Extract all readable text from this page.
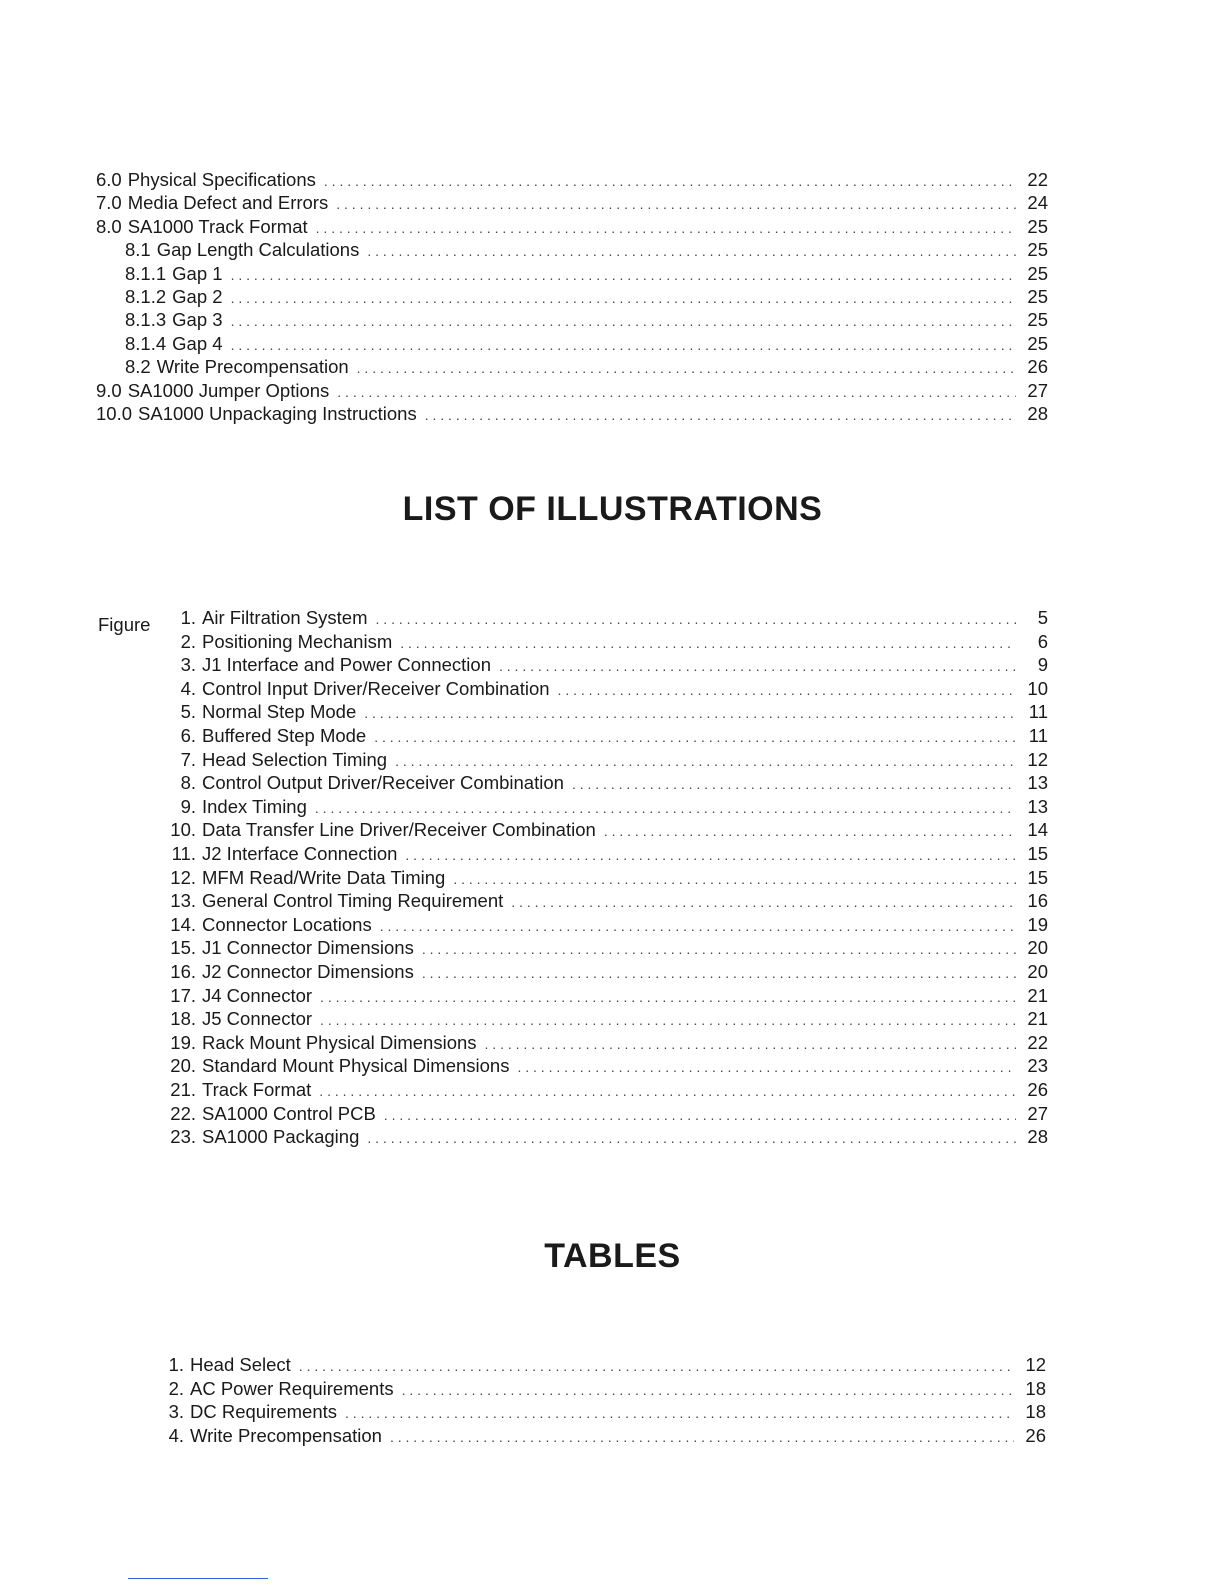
6.0 Physical Specifications . . .	22
7.0 Media Defect and Errors . . .	24
8.0 SA1000 Track Format . . .	25
8.1 Gap Length Calculations . . .	25
8.1.1 Gap 1 . . .	25
8.1.2 Gap 2 . . .	25
8.1.3 Gap 3 . . .	25
8.1.4 Gap 4 . . .	25
8.2 Write Precompensation . . .	26
9.0 SA1000 Jumper Options . . .	27
10.0 SA1000 Unpackaging Instructions . . .	28
LIST OF ILLUSTRATIONS
Figure	1. Air Filtration System . . .	5
2. Positioning Mechanism . . .	6
3. J1 Interface and Power Connection . . .	9
4. Control Input Driver/Receiver Combination . . .	10
5. Normal Step Mode . . .	11
6. Buffered Step Mode . . .	11
7. Head Selection Timing . . .	12
8. Control Output Driver/Receiver Combination . . .	13
9. Index Timing . . .	13
10. Data Transfer Line Driver/Receiver Combination . . .	14
11. J2 Interface Connection . . .	15
12. MFM Read/Write Data Timing . . .	15
13. General Control Timing Requirement . . .	16
14. Connector Locations . . .	19
15. J1 Connector Dimensions . . .	20
16. J2 Connector Dimensions . . .	20
17. J4 Connector . . .	21
18. J5 Connector . . .	21
19. Rack Mount Physical Dimensions . . .	22
20. Standard Mount Physical Dimensions . . .	23
21. Track Format . . .	26
22. SA1000 Control PCB . . .	27
23. SA1000 Packaging . . .	28
TABLES
1. Head Select . . .	12
2. AC Power Requirements . . .	18
3. DC Requirements . . .	18
4. Write Precompensation . . .	26
